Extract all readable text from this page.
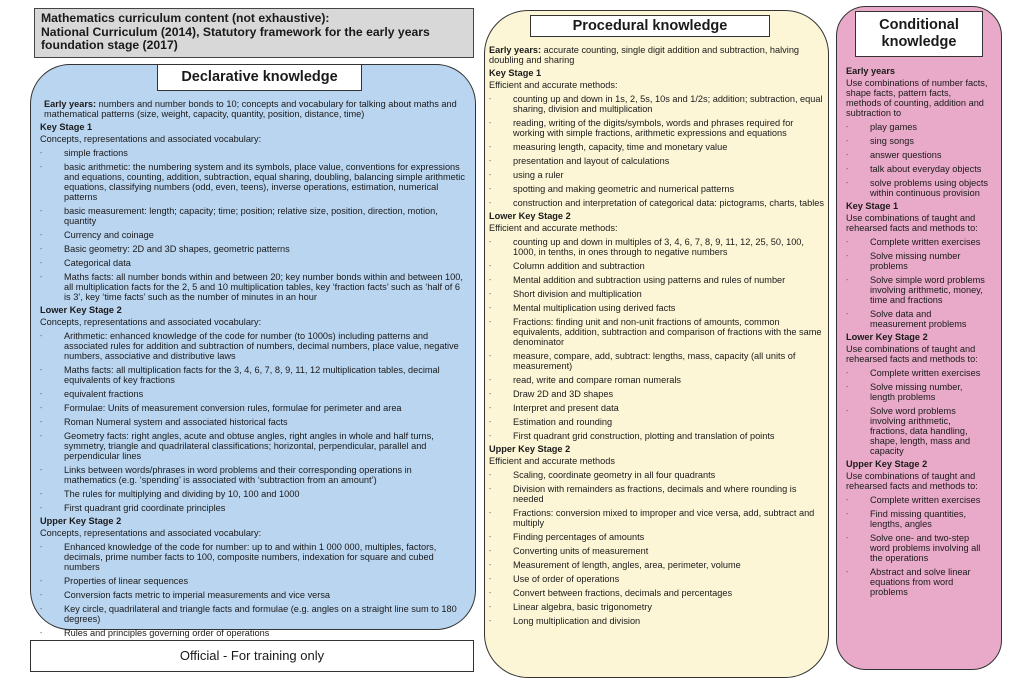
Mathematics curriculum content (not exhaustive):
National Curriculum (2014), Statutory framework for the early years foundation stage (2017)
Declarative knowledge
Early years: numbers and number bonds to 10; concepts and vocabulary for talking about maths and mathematical patterns (size, weight, capacity, quantity, position, distance, time)
Key Stage 1
Concepts, representations and associated vocabulary:
- simple fractions
- basic arithmetic: the numbering system and its symbols, place value, conventions for expressions and equations, counting, addition, subtraction, equal sharing, doubling, balancing simple arithmetic equations, classifying numbers (odd, even, teens), inverse operations, estimation, numerical patterns
- basic measurement: length; capacity; time; position; relative size, position, direction, motion, quantity
- Currency and coinage
- Basic geometry: 2D and 3D shapes, geometric patterns
- Categorical data
- Maths facts: all number bonds within and between 20; key number bonds within and between 100, all multiplication facts for the 2, 5 and 10 multiplication tables, key ‘fraction facts’ such as ‘half of 6 is 3’, key ‘time facts’ such as the number of minutes in an hour
Lower Key Stage 2
Concepts, representations and associated vocabulary:
- Arithmetic: enhanced knowledge of the code for number (to 1000s) including patterns and associated rules for addition and subtraction of numbers, decimal numbers, place value, negative numbers, associative and distributive laws
- Maths facts: all multiplication facts for the 3, 4, 6, 7, 8, 9, 11, 12 multiplication tables, decimal equivalents of key fractions
- equivalent fractions
- Formulae: Units of measurement conversion rules, formulae for perimeter and area
- Roman Numeral system and associated historical facts
- Geometry facts: right angles, acute and obtuse angles, right angles in whole and half turns, symmetry, triangle and quadrilateral classifications; horizontal, perpendicular, parallel and perpendicular lines
- Links between words/phrases in word problems and their corresponding operations in mathematics (e.g. ‘spending’ is associated with ‘subtraction from an amount’)
- The rules for multiplying and dividing by 10, 100 and 1000
- First quadrant grid coordinate principles
Upper Key Stage 2
Concepts, representations and associated vocabulary:
- Enhanced knowledge of the code for number: up to and within 1 000 000, multiples, factors, decimals, prime number facts to 100, composite numbers, indexation for square and cubed numbers
- Properties of linear sequences
- Conversion facts metric to imperial measurements and vice versa
- Key circle, quadrilateral and triangle facts and formulae (e.g. angles on a straight line sum to 180 degrees)
- Rules and principles governing order of operations
Procedural knowledge
Early years: accurate counting, single digit addition and subtraction, halving doubling and sharing
Key Stage 1
Efficient and accurate methods:
- counting up and down in 1s, 2, 5s, 10s and 1/2s; addition; subtraction, equal sharing, division and multiplication
- reading, writing of the digits/symbols, words and phrases required for working with simple fractions, arithmetic expressions and equations
- measuring length, capacity, time and monetary value
- presentation and layout of calculations
- using a ruler
- spotting and making geometric and numerical patterns
- construction and interpretation of categorical data: pictograms, charts, tables
Lower Key Stage 2
Efficient and accurate methods:
- counting up and down in multiples of 3, 4, 6, 7, 8, 9, 11, 12, 25, 50, 100, 1000, in tenths, in ones through to negative numbers
- Column addition and subtraction
- Mental addition and subtraction using patterns and rules of number
- Short division and multiplication
- Mental multiplication using derived facts
- Fractions: finding unit and non-unit fractions of amounts, common equivalents, addition, subtraction and comparison of fractions with the same denominator
- measure, compare, add, subtract: lengths, mass, capacity (all units of measurement)
- read, write and compare roman numerals
- Draw 2D and 3D shapes
- Interpret and present data
- Estimation and rounding
- First quadrant grid construction, plotting and translation of points
Upper Key Stage 2
Efficient and accurate methods
- Scaling, coordinate geometry in all four quadrants
- Division with remainders as fractions, decimals and where rounding is needed
- Fractions: conversion mixed to improper and vice versa, add, subtract and multiply
- Finding percentages of amounts
- Converting units of measurement
- Measurement of length, angles, area, perimeter, volume
- Use of order of operations
- Convert between fractions, decimals and percentages
- Linear algebra, basic trigonometry
- Long multiplication and division
Conditional knowledge
Early years
Use combinations of number facts, shape facts, pattern facts, methods of counting, addition and subtraction to
- play games
- sing songs
- answer questions
- talk about everyday objects
- solve problems using objects within continuous provision
Key Stage 1
Use combinations of taught and rehearsed facts and methods to:
- Complete written exercises
- Solve missing number problems
- Solve simple word problems involving arithmetic, money, time and fractions
- Solve data and measurement problems
Lower Key Stage 2
Use combinations of taught and rehearsed facts and methods to:
- Complete written exercises
- Solve missing number, length problems
- Solve word problems involving arithmetic, fractions, data handling, shape, length, mass and capacity
Upper Key Stage 2
Use combinations of taught and rehearsed facts and methods to:
- Complete written exercises
- Find missing quantities, lengths, angles
- Solve one- and two-step word problems involving all the operations
- Abstract and solve linear equations from word problems
Official - For training only
